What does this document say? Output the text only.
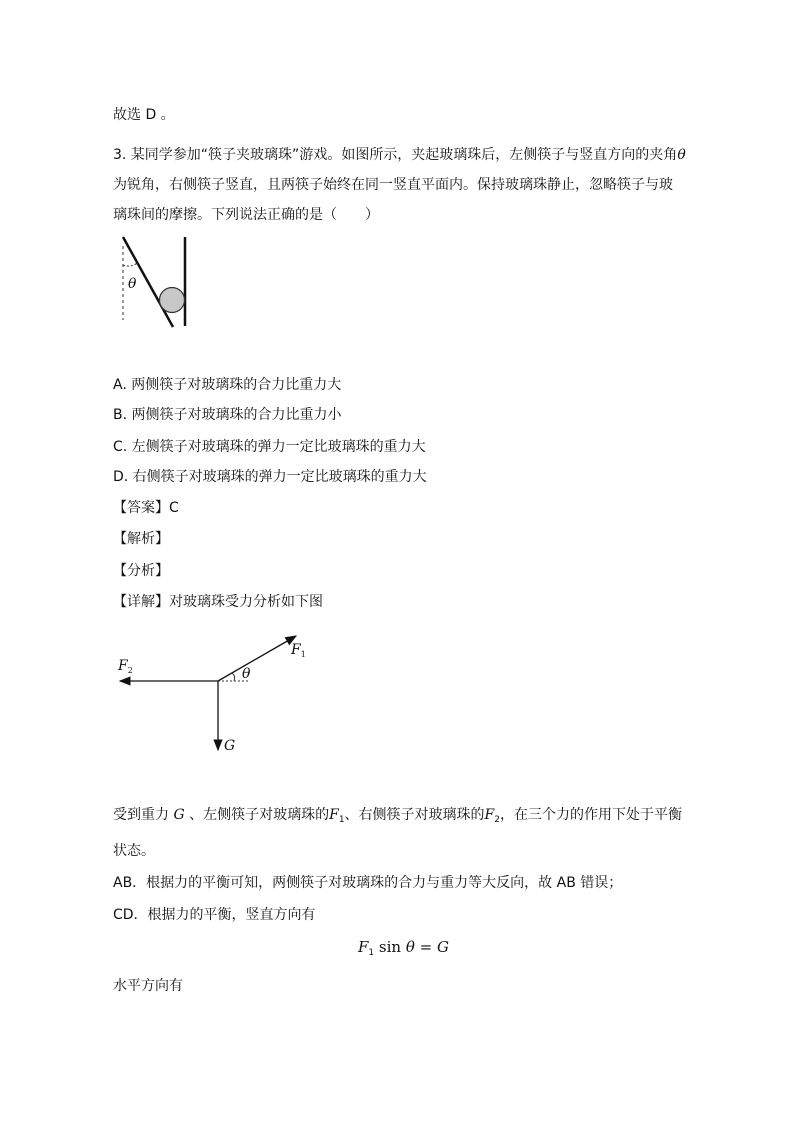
故选 D 。
3. 某同学参加“筷子夹玻璃珠”游戏。如图所示，夹起玻璃珠后，左侧筷子与竖直方向的夹角θ
为锐角，右侧筷子竖直，且两筷子始终在同一竖直平面内。保持玻璃珠静止，忽略筷子与玻
璃珠间的摩擦。下列说法正确的是（　　）
θ
$F_2$
$F_1$
G
θ
A. 两侧筷子对玻璃珠的合力比重力大
B. 两侧筷子对玻璃珠的合力比重力小
C. 左侧筷子对玻璃珠的弹力一定比玻璃珠的重力大
D. 右侧筷子对玻璃珠的弹力一定比玻璃珠的重力大
【答案】C
【解析】
【分析】
【详解】对玻璃珠受力分析如下图
受到重力 G 、左侧筷子对玻璃珠的$F_1$、右侧筷子对玻璃珠的$F_2$，在三个力的作用下处于平衡
状态。
AB．根据力的平衡可知，两侧筷子对玻璃珠的合力与重力等大反向，故 AB 错误；
CD．根据力的平衡，竖直方向有
$F_1$ sin θ = G
水平方向有
